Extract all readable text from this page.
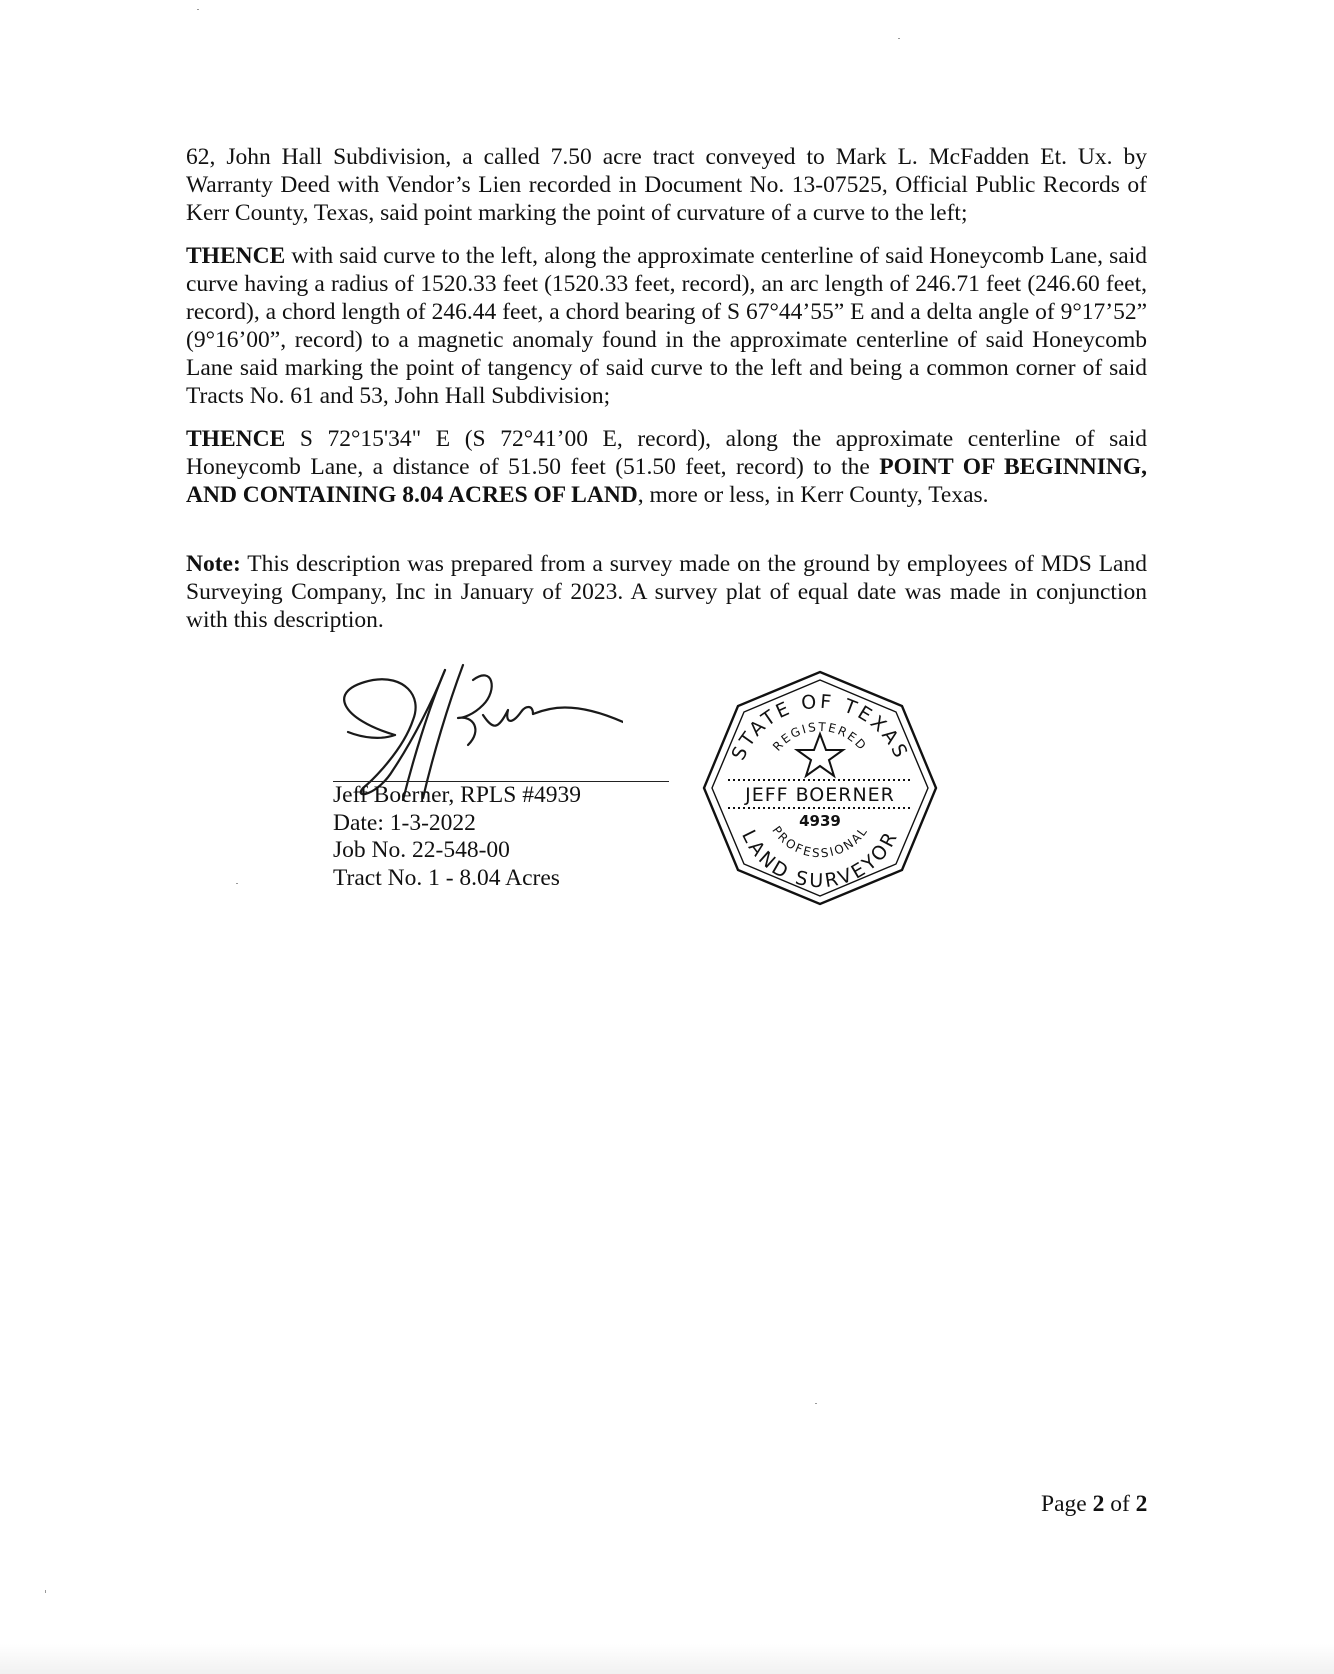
62, John Hall Subdivision, a called 7.50 acre tract conveyed to Mark L. McFadden Et. Ux. by Warranty Deed with Vendor’s Lien recorded in Document No. 13-07525, Official Public Records of Kerr County, Texas, said point marking the point of curvature of a curve to the left;

THENCE with said curve to the left, along the approximate centerline of said Honeycomb Lane, said curve having a radius of 1520.33 feet (1520.33 feet, record), an arc length of 246.71 feet (246.60 feet, record), a chord length of 246.44 feet, a chord bearing of S 67°44’55” E and a delta angle of 9°17’52” (9°16’00”, record) to a magnetic anomaly found in the approximate centerline of said Honeycomb Lane said marking the point of tangency of said curve to the left and being a common corner of said Tracts No. 61 and 53, John Hall Subdivision;

THENCE S 72°15'34" E (S 72°41’00 E, record), along the approximate centerline of said Honeycomb Lane, a distance of 51.50 feet (51.50 feet, record) to the POINT OF BEGINNING, AND CONTAINING 8.04 ACRES OF LAND, more or less, in Kerr County, Texas.

Note: This description was prepared from a survey made on the ground by employees of MDS Land Surveying Company, Inc in January of 2023. A survey plat of equal date was made in conjunction with this description.

Jeff Boerner, RPLS #4939
Date: 1-3-2022
Job No. 22-548-00
Tract No. 1 - 8.04 Acres
STATE OF TEXAS
REGISTERED
JEFF BOERNER
4939
PROFESSIONAL
LAND SURVEYOR
Page 2 of 2
